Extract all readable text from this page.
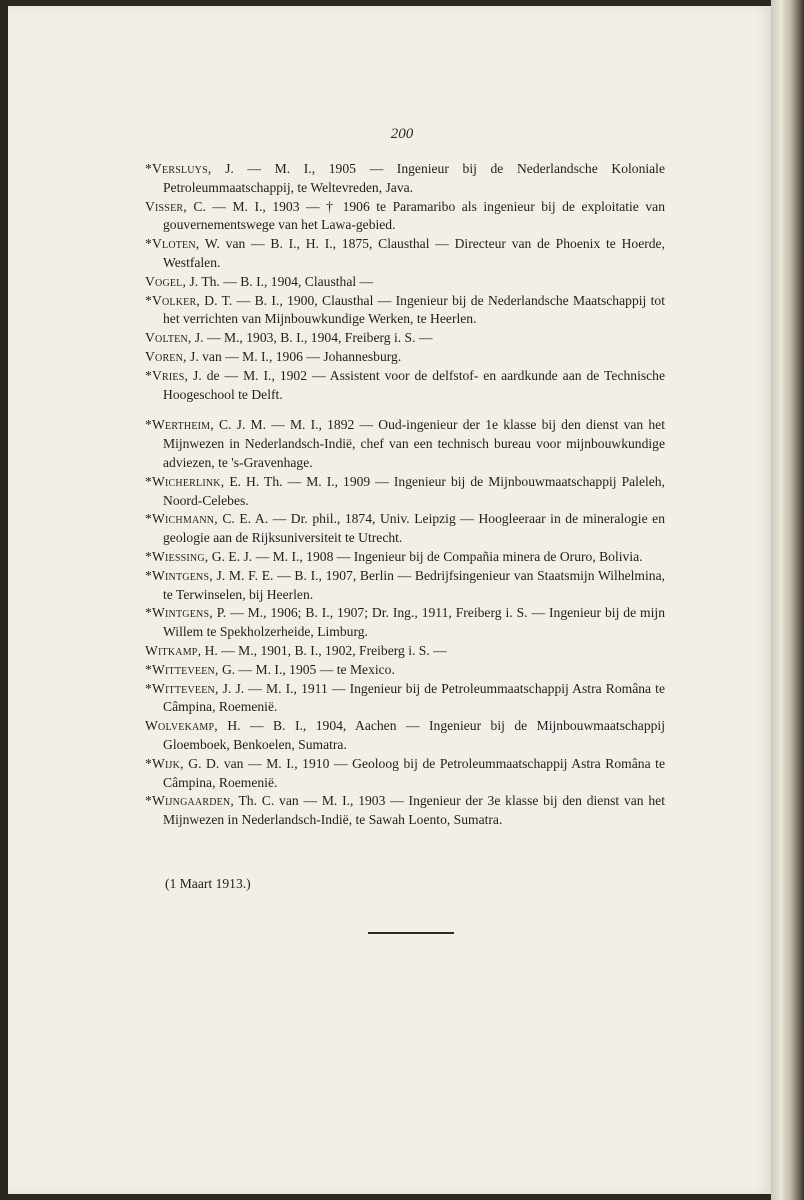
200
*Versluys, J. — M. I., 1905 — Ingenieur bij de Nederlandsche Koloniale Petroleummaatschappij, te Weltevreden, Java.
Visser, C. — M. I., 1903 — † 1906 te Paramaribo als ingenieur bij de exploitatie van gouvernementswege van het Lawa-gebied.
*Vloten, W. van — B. I., H. I., 1875, Clausthal — Directeur van de Phoenix te Hoerde, Westfalen.
Vogel, J. Th. — B. I., 1904, Clausthal —
*Volker, D. T. — B. I., 1900, Clausthal — Ingenieur bij de Nederlandsche Maatschappij tot het verrichten van Mijnbouwkundige Werken, te Heerlen.
Volten, J. — M., 1903, B. I., 1904, Freiberg i. S. —
Voren, J. van — M. I., 1906 — Johannesburg.
*Vries, J. de — M. I., 1902 — Assistent voor de delfstof- en aardkunde aan de Technische Hoogeschool te Delft.
*Wertheim, C. J. M. — M. I., 1892 — Oud-ingenieur der 1e klasse bij den dienst van het Mijnwezen in Nederlandsch-Indië, chef van een technisch bureau voor mijnbouwkundige adviezen, te 's-Gravenhage.
*Wicherlink, E. H. Th. — M. I., 1909 — Ingenieur bij de Mijnbouwmaatschappij Paleleh, Noord-Celebes.
*Wichmann, C. E. A. — Dr. phil., 1874, Univ. Leipzig — Hoogleeraar in de mineralogie en geologie aan de Rijksuniversiteit te Utrecht.
*Wiessing, G. E. J. — M. I., 1908 — Ingenieur bij de Compañia minera de Oruro, Bolivia.
*Wintgens, J. M. F. E. — B. I., 1907, Berlin — Bedrijfsingenieur van Staatsmijn Wilhelmina, te Terwinselen, bij Heerlen.
*Wintgens, P. — M., 1906; B. I., 1907; Dr. Ing., 1911, Freiberg i. S. — Ingenieur bij de mijn Willem te Spekholzerheide, Limburg.
Witkamp, H. — M., 1901, B. I., 1902, Freiberg i. S. —
*Witteveen, G. — M. I., 1905 — te Mexico.
*Witteveen, J. J. — M. I., 1911 — Ingenieur bij de Petroleummaatschappij Astra Româna te Câmpina, Roemenië.
Wolvekamp, H. — B. I., 1904, Aachen — Ingenieur bij de Mijnbouwmaatschappij Gloemboek, Benkoelen, Sumatra.
*Wijk, G. D. van — M. I., 1910 — Geoloog bij de Petroleummaatschappij Astra Româna te Câmpina, Roemenië.
*Wijngaarden, Th. C. van — M. I., 1903 — Ingenieur der 3e klasse bij den dienst van het Mijnwezen in Nederlandsch-Indië, te Sawah Loento, Sumatra.
(1 Maart 1913.)
